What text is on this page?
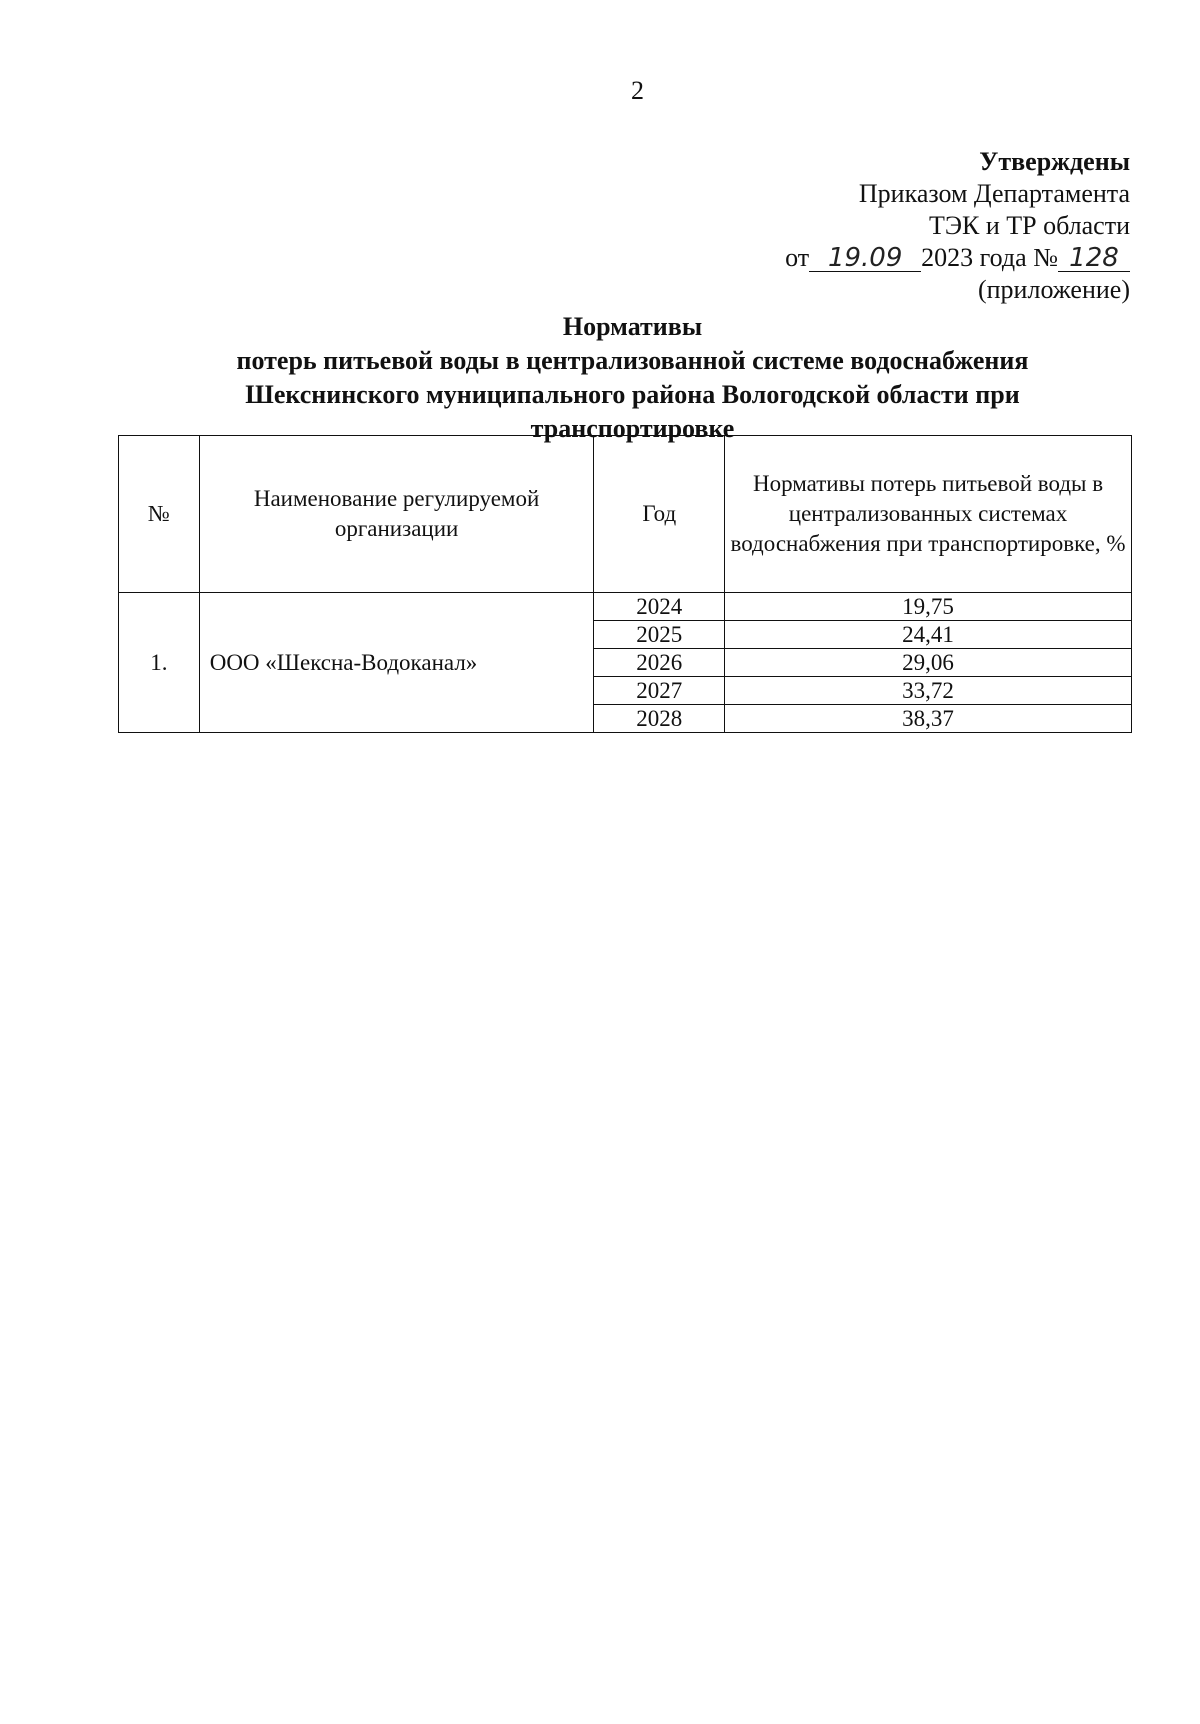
2
Утверждены
Приказом Департамента
ТЭК и ТР области
от 19.09 2023 года № 128
(приложение)
Нормативы
потерь питьевой воды в централизованной системе водоснабжения
Шекснинского муниципального района Вологодской области при
транспортировке
№	Наименование регулируемой организации	Год	Нормативы потерь питьевой воды в централизованных системах водоснабжения при транспортировке, %
1.	ООО «Шексна-Водоканал»	2024	19,75
		2025	24,41
		2026	29,06
		2027	33,72
		2028	38,37
